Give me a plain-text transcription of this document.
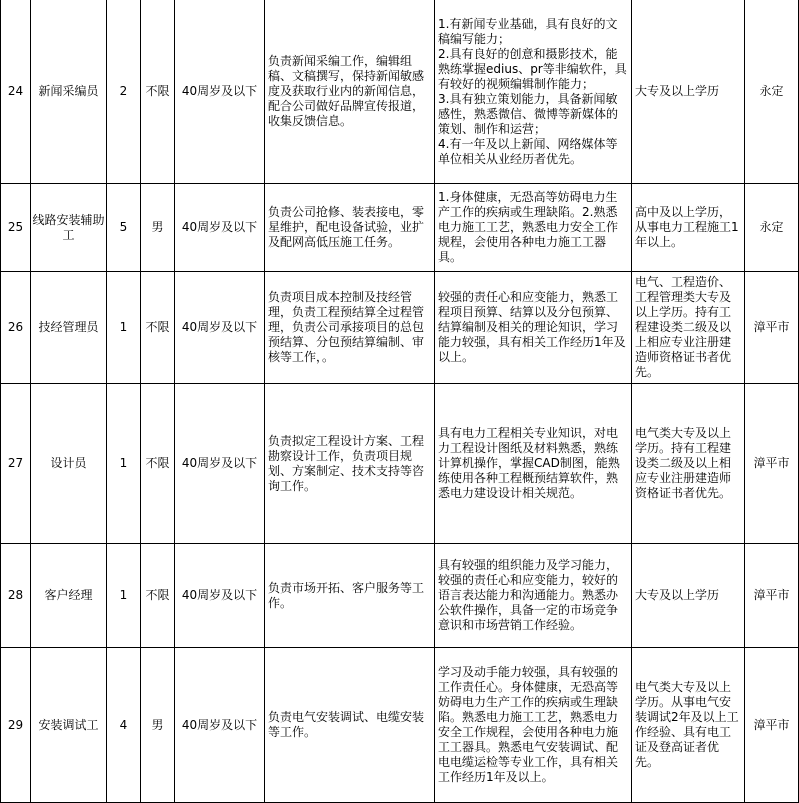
24	新闻采编员	2	不限	40周岁及以下	负责新闻采编工作，编辑组稿、文稿撰写，保持新闻敏感度及获取行业内的新闻信息，配合公司做好品牌宣传报道，收集反馈信息。	1.有新闻专业基础，具有良好的文稿编写能力；
2.具有良好的创意和摄影技术，能熟练掌握edius、pr等非编软件，具有较好的视频编辑制作能力；
3.具有独立策划能力，具备新闻敏感性，熟悉微信、微博等新媒体的策划、制作和运营；
4.有一年及以上新闻、网络媒体等单位相关从业经历者优先。	大专及以上学历	永定
25	线路安装辅助工	5	男	40周岁及以下	负责公司抢修、装表接电，零星维护，配电设备试验，业扩及配网高低压施工任务。	1.身体健康，无恐高等妨碍电力生产工作的疾病或生理缺陷。2.熟悉电力施工工艺，熟悉电力安全工作规程，会使用各种电力施工工器具。	高中及以上学历，从事电力工程施工1年以上。	永定
26	技经管理员	1	不限	40周岁及以下	负责项目成本控制及技经管理，负责工程预结算全过程管理，负责公司承接项目的总包预结算、分包预结算编制、审核等工作，。	较强的责任心和应变能力，熟悉工程项目预算、结算以及分包预算、结算编制及相关的理论知识，学习能力较强，具有相关工作经历1年及以上。	电气、工程造价、工程管理类大专及以上学历。持有工程建设类二级及以上相应专业注册建造师资格证书者优先。	漳平市
27	设计员	1	不限	40周岁及以下	负责拟定工程设计方案、工程勘察设计工作，负责项目规划、方案制定、技术支持等咨询工作。	具有电力工程相关专业知识，对电力工程设计图纸及材料熟悉，熟练计算机操作，掌握CAD制图，能熟练使用各种工程概预结算软件，熟悉电力建设设计相关规范。	电气类大专及以上学历。持有工程建设类二级及以上相应专业注册建造师资格证书者优先。	漳平市
28	客户经理	1	不限	40周岁及以下	负责市场开拓、客户服务等工作。	具有较强的组织能力及学习能力，较强的责任心和应变能力，较好的语言表达能力和沟通能力。熟悉办公软件操作，具备一定的市场竞争意识和市场营销工作经验。	大专及以上学历	漳平市
29	安装调试工	4	男	40周岁及以下	负责电气安装调试、电缆安装等工作。	学习及动手能力较强，具有较强的工作责任心。身体健康，无恐高等妨碍电力生产工作的疾病或生理缺陷。熟悉电力施工工艺，熟悉电力安全工作规程，会使用各种电力施工工器具。熟悉电气安装调试、配电电缆运检等专业工作，具有相关工作经历1年及以上。	电气类大专及以上学历。从事电气安装调试2年及以上工作经验、具有电工证及登高证者优先。	漳平市
